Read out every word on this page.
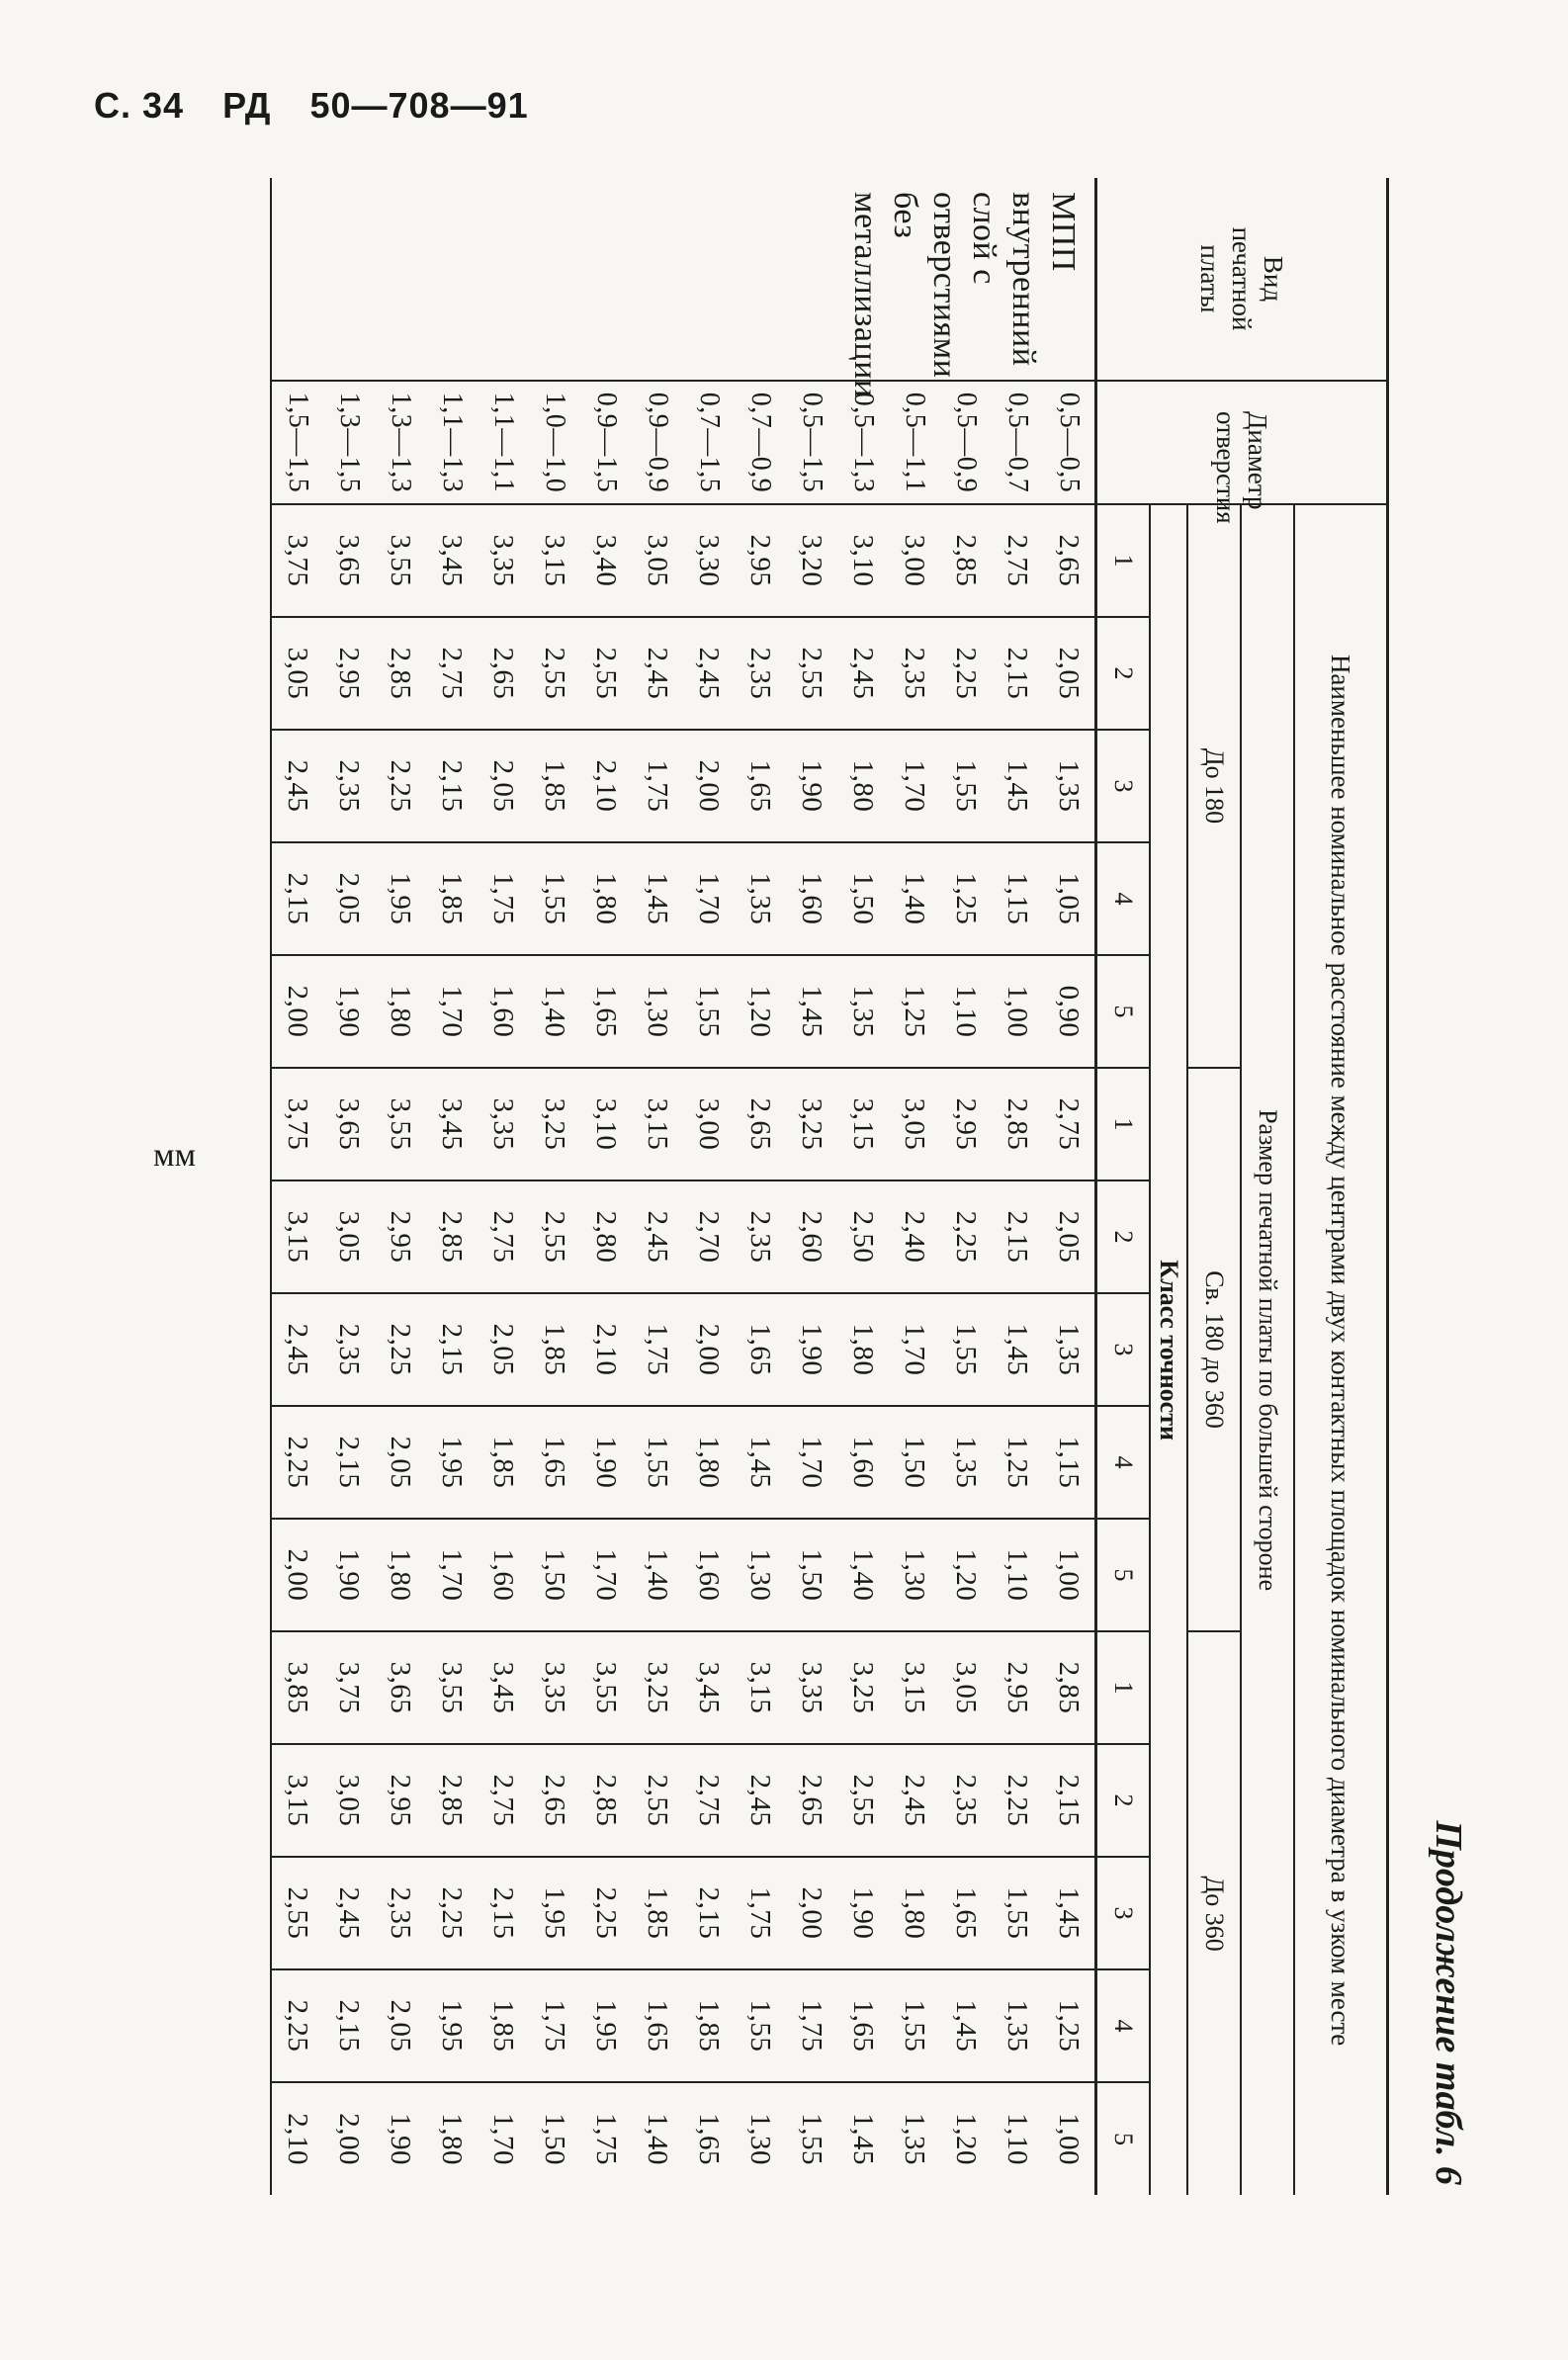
С. 34 РД 50—708—91
мм
Продолжение табл. 6
Вид печатной платы	Диаметр отверстия	Наименьшее номинальное расстояние между центрами двух контактных площадок номинального диаметра в узком месте														
		Размер печатной платы по большей стороне														
		До 180					Св. 180 до 360					До 360				
		Класс точности														
		1	2	3	4	5	1	2	3	4	5	1	2	3	4	5
МПП внутренний слой с отверстиями без металлизации	0,5—0,5	2,65	2,05	1,35	1,05	0,90	2,75	2,05	1,35	1,15	1,00	2,85	2,15	1,45	1,25	1,00
	0,5—0,7	2,75	2,15	1,45	1,15	1,00	2,85	2,15	1,45	1,25	1,10	2,95	2,25	1,55	1,35	1,10
	0,5—0,9	2,85	2,25	1,55	1,25	1,10	2,95	2,25	1,55	1,35	1,20	3,05	2,35	1,65	1,45	1,20
	0,5—1,1	3,00	2,35	1,70	1,40	1,25	3,05	2,40	1,70	1,50	1,30	3,15	2,45	1,80	1,55	1,35
	0,5—1,3	3,10	2,45	1,80	1,50	1,35	3,15	2,50	1,80	1,60	1,40	3,25	2,55	1,90	1,65	1,45
	0,5—1,5	3,20	2,55	1,90	1,60	1,45	3,25	2,60	1,90	1,70	1,50	3,35	2,65	2,00	1,75	1,55
	0,7—0,9	2,95	2,35	1,65	1,35	1,20	2,65	2,35	1,65	1,45	1,30	3,15	2,45	1,75	1,55	1,30
	0,7—1,5	3,30	2,45	2,00	1,70	1,55	3,00	2,70	2,00	1,80	1,60	3,45	2,75	2,15	1,85	1,65
	0,9—0,9	3,05	2,45	1,75	1,45	1,30	3,15	2,45	1,75	1,55	1,40	3,25	2,55	1,85	1,65	1,40
	0,9—1,5	3,40	2,55	2,10	1,80	1,65	3,10	2,80	2,10	1,90	1,70	3,55	2,85	2,25	1,95	1,75
	1,0—1,0	3,15	2,55	1,85	1,55	1,40	3,25	2,55	1,85	1,65	1,50	3,35	2,65	1,95	1,75	1,50
	1,1—1,1	3,35	2,65	2,05	1,75	1,60	3,35	2,75	2,05	1,85	1,60	3,45	2,75	2,15	1,85	1,70
	1,1—1,3	3,45	2,75	2,15	1,85	1,70	3,45	2,85	2,15	1,95	1,70	3,55	2,85	2,25	1,95	1,80
	1,3—1,3	3,55	2,85	2,25	1,95	1,80	3,55	2,95	2,25	2,05	1,80	3,65	2,95	2,35	2,05	1,90
	1,3—1,5	3,65	2,95	2,35	2,05	1,90	3,65	3,05	2,35	2,15	1,90	3,75	3,05	2,45	2,15	2,00
	1,5—1,5	3,75	3,05	2,45	2,15	2,00	3,75	3,15	2,45	2,25	2,00	3,85	3,15	2,55	2,25	2,10
